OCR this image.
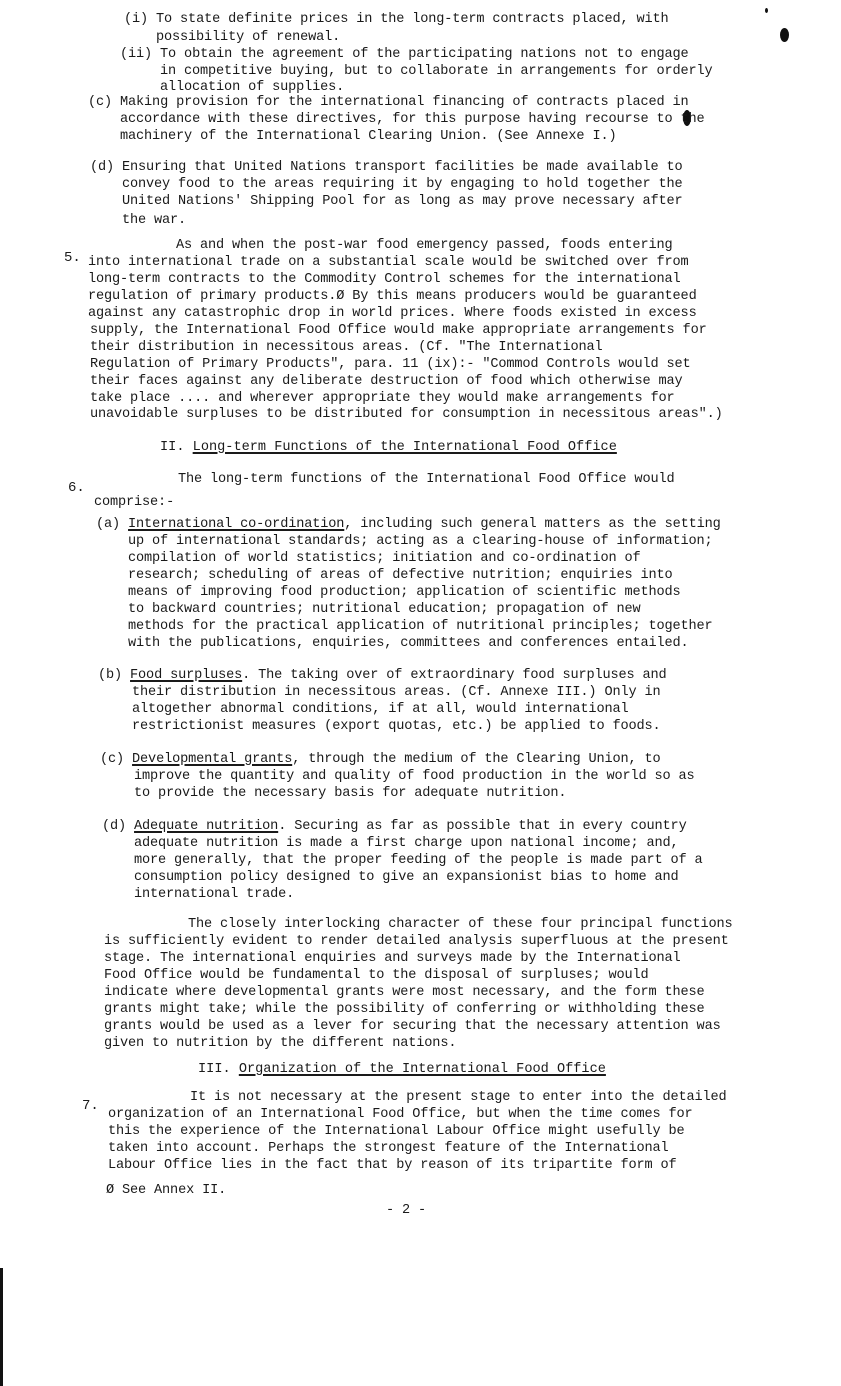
(i) To state definite prices in the long-term contracts placed, with
possibility of renewal.
(ii) To obtain the agreement of the participating nations not to engage
in competitive buying, but to collaborate in arrangements for orderly
allocation of supplies.
(c) Making provision for the international financing of contracts placed in
accordance with these directives, for this purpose having recourse to the
machinery of the International Clearing Union. (See Annexe I.)
(d) Ensuring that United Nations transport facilities be made available to
convey food to the areas requiring it by engaging to hold together the
United Nations' Shipping Pool for as long as may prove necessary after
the war.
5.
As and when the post-war food emergency passed, foods entering
into international trade on a substantial scale would be switched over from
long-term contracts to the Commodity Control schemes for the international
regulation of primary products.Ø By this means producers would be guaranteed
against any catastrophic drop in world prices. Where foods existed in excess
supply, the International Food Office would make appropriate arrangements for
their distribution in necessitous areas. (Cf. "The International
Regulation of Primary Products", para. 11 (ix):- "Commod Controls would set
their faces against any deliberate destruction of food which otherwise may
take place .... and wherever appropriate they would make arrangements for
unavoidable surpluses to be distributed for consumption in necessitous areas".)
II. Long-term Functions of the International Food Office
6.
The long-term functions of the International Food Office would
comprise:-
(a) International co-ordination, including such general matters as the setting
up of international standards; acting as a clearing-house of information;
compilation of world statistics; initiation and co-ordination of
research; scheduling of areas of defective nutrition; enquiries into
means of improving food production; application of scientific methods
to backward countries; nutritional education; propagation of new
methods for the practical application of nutritional principles; together
with the publications, enquiries, committees and conferences entailed.
(b) Food surpluses. The taking over of extraordinary food surpluses and
their distribution in necessitous areas. (Cf. Annexe III.) Only in
altogether abnormal conditions, if at all, would international
restrictionist measures (export quotas, etc.) be applied to foods.
(c) Developmental grants, through the medium of the Clearing Union, to
improve the quantity and quality of food production in the world so as
to provide the necessary basis for adequate nutrition.
(d) Adequate nutrition. Securing as far as possible that in every country
adequate nutrition is made a first charge upon national income; and,
more generally, that the proper feeding of the people is made part of a
consumption policy designed to give an expansionist bias to home and
international trade.
The closely interlocking character of these four principal functions
is sufficiently evident to render detailed analysis superfluous at the present
stage. The international enquiries and surveys made by the International
Food Office would be fundamental to the disposal of surpluses; would
indicate where developmental grants were most necessary, and the form these
grants might take; while the possibility of conferring or withholding these
grants would be used as a lever for securing that the necessary attention was
given to nutrition by the different nations.
III. Organization of the International Food Office
7.
It is not necessary at the present stage to enter into the detailed
organization of an International Food Office, but when the time comes for
this the experience of the International Labour Office might usefully be
taken into account. Perhaps the strongest feature of the International
Labour Office lies in the fact that by reason of its tripartite form of
Ø See Annex II.
- 2 -
